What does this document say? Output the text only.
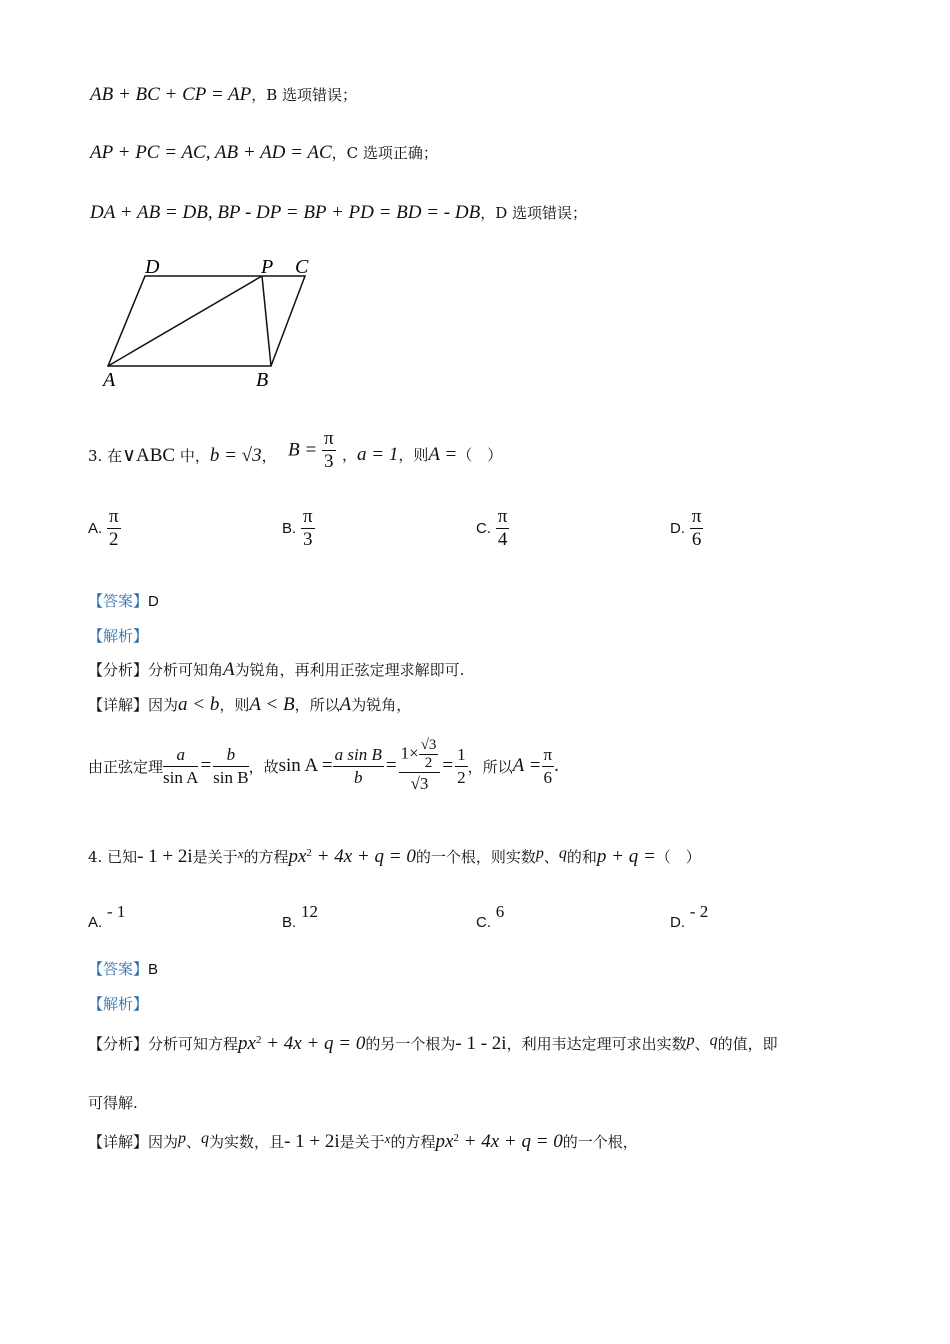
AB + BC + CP = AP，B 选项错误；
AP + PC = AC, AB + AD = AC，C 选项正确；
DA + AB = DB, BP - DP = BP + PD = BD = - DB，D 选项错误；
D	P C
A	B
3. 在∨ABC 中，b = √3， $B = \frac{\pi}{3}$ ，a = 1，则A =（　）
A. $\frac{\pi}{2}$	B. $\frac{\pi}{3}$	C. $\frac{\pi}{4}$	D. $\frac{\pi}{6}$
【答案】D
【解析】
【分析】分析可知角A为锐角，再利用正弦定理求解即可.
【详解】因为a < b，则A < B，所以A为锐角，
由正弦定理 $\frac{a}{\text{sin A}} = \frac{b}{\text{sin B}}$ ，故 $\sin A = \frac{\text{a sin B}}{b} = \frac{1\times \frac{√3}{2}}{√3} = \frac{1}{2}$ ，所以 $A = \frac{\pi}{6}$ .
4. 已知- 1 + 2i是关于x的方程$px^2 + 4x + q = 0$的一个根，则实数p、q的和p + q =（　）
A. - 1
B. 12
C. 6
D. - 2
【答案】B
【解析】
【分析】分析可知方程$px^2 + 4x + q = 0$的另一个根为- 1 - 2i，利用韦达定理可求出实数p、q的值，即
可得解.
【详解】因为p、q为实数，且- 1 + 2i是关于x的方程$px^2 + 4x + q = 0$的一个根，
